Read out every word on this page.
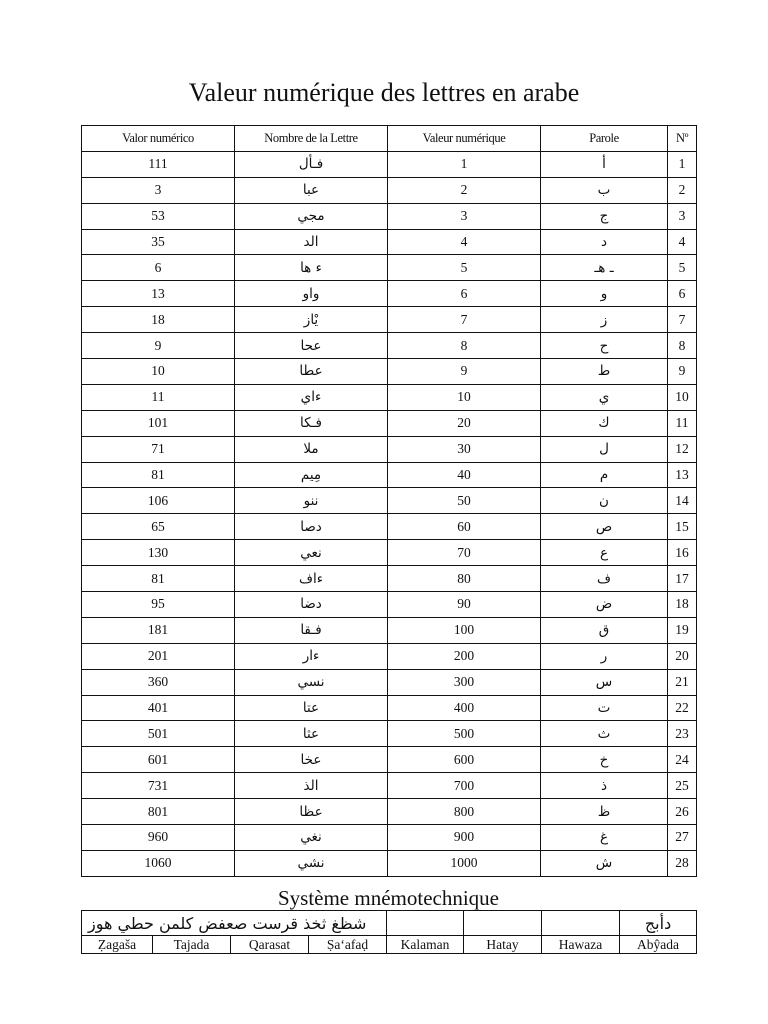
Valeur numérique des lettres en arabe
Valor numérico	Nombre de la Lettre	Valeur numérique	Parole	Nº
111	فـأل	1	أ	1
3	عبا	2	ب	2
53	مجي	3	ج	3
35	الد	4	د	4
6	ء ها	5	ـ هـ	5
13	واو	6	و	6
18	يْاز	7	ز	7
9	عحا	8	ح	8
10	عطا	9	ط	9
11	ءاي	10	ي	10
101	فـكا	20	ك	11
71	ملا	30	ل	12
81	مِيم	40	م	13
106	ننو	50	ن	14
65	دصا	60	ص	15
130	نعي	70	ع	16
81	ءاف	80	ف	17
95	دضا	90	ض	18
181	فـقا	100	ق	19
201	ءار	200	ر	20
360	نسي	300	س	21
401	عتا	400	ت	22
501	عثا	500	ث	23
601	عخا	600	خ	24
731	الذ	700	ذ	25
801	عظا	800	ظ	26
960	نغي	900	غ	27
1060	نشي	1000	ش	28
Système mnémotechnique
شظغ ثخذ قرست صعفض كلمن حطي هوز							دأبج
Ẓagaša	Tajada	Qarasat	Ṣa‘afaḍ	Kalaman	Hatay	Hawaza	Abŷada
